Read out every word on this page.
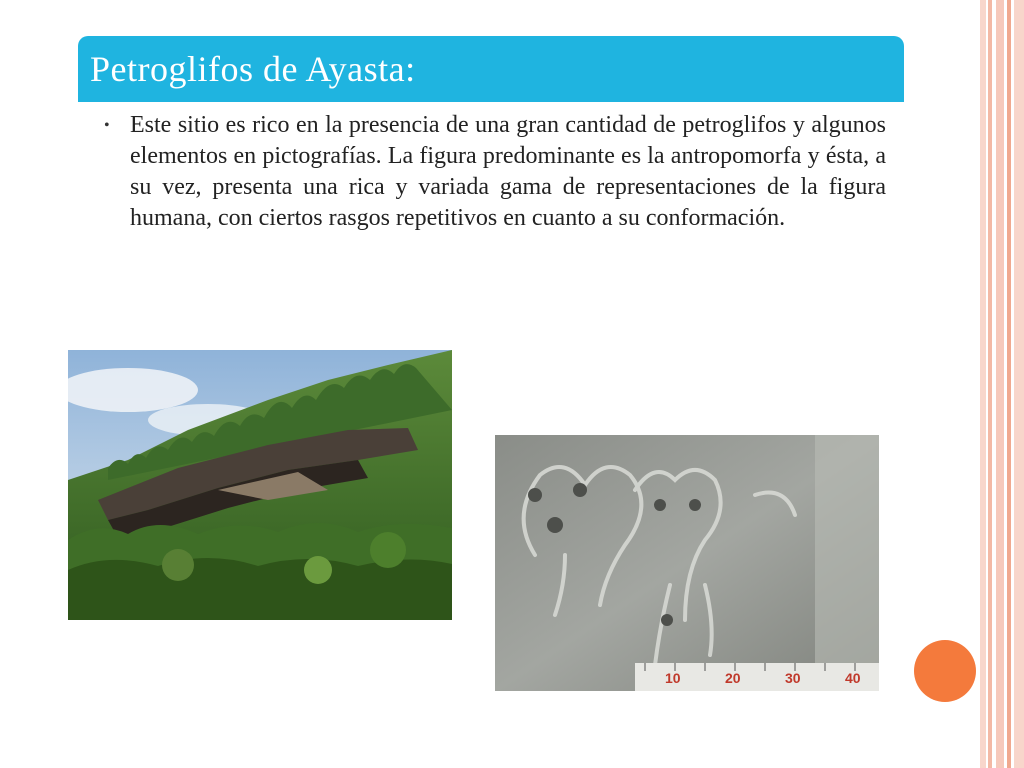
Petroglifos de Ayasta:
• Este sitio es rico en la presencia de una gran cantidad de petroglifos y algunos elementos en pictografías. La figura predominante es la antropomorfa y ésta, a su vez, presenta una rica y variada gama de representaciones de la figura humana, con ciertos rasgos repetitivos en cuanto a su conformación.
10	20	30	40
